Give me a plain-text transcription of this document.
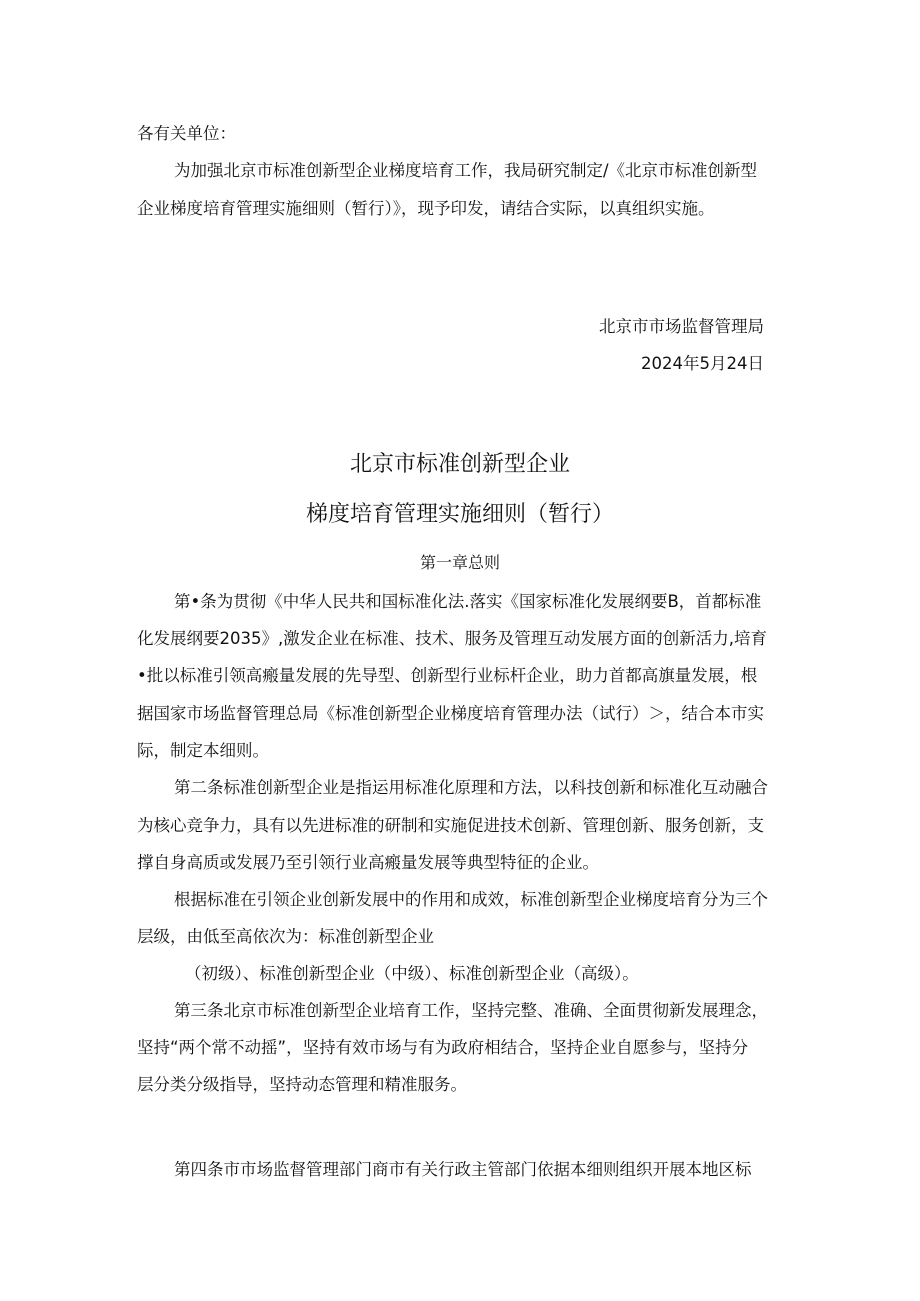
各有关单位：

为加强北京市标准创新型企业梯度培育工作，我局研究制定/《北京市标准创新型

企业梯度培育管理实施细则（暂行）》，现予印发，请结合实际，以真组织实施。

北京市市场监督管理局
2024年5月24日
北京市标准创新型企业
梯度培育管理实施细则（暂行）
第一章总则

第•条为贯彻《中华人民共和国标准化法.落实《国家标准化发展纲要B，首都标准

化发展纲要2035》,激发企业在标准、技术、服务及管理互动发展方面的创新活力,培育

•批以标准引领高瘢量发展的先导型、创新型行业标杆企业，助力首都高旗量发展，根

据国家市场监督管理总局《标准创新型企业梯度培育管理办法（试行）＞，结合本市实

际，制定本细则。

第二条标准创新型企业是指运用标准化原理和方法，以科技创新和标准化互动融合

为核心竞争力，具有以先进标准的研制和实施促进技术创新、管理创新、服务创新，支

撑自身高质或发展乃至引领行业高瘢量发展等典型特征的企业。

根据标准在引领企业创新发展中的作用和成效，标准创新型企业梯度培育分为三个

层级，由低至高依次为：标准创新型企业

（初级）、标准创新型企业（中级）、标准创新型企业（高级）。

第三条北京市标准创新型企业培育工作，坚持完整、准确、全面贯彻新发展理念，

坚持“两个常不动摇”，坚持有效市场与有为政府相结合，坚持企业自愿参与，坚持分

层分类分级指导，坚持动态管理和精准服务。

第四条市市场监督管理部门商市有关行政主管部门依据本细则组织开展本地区标
